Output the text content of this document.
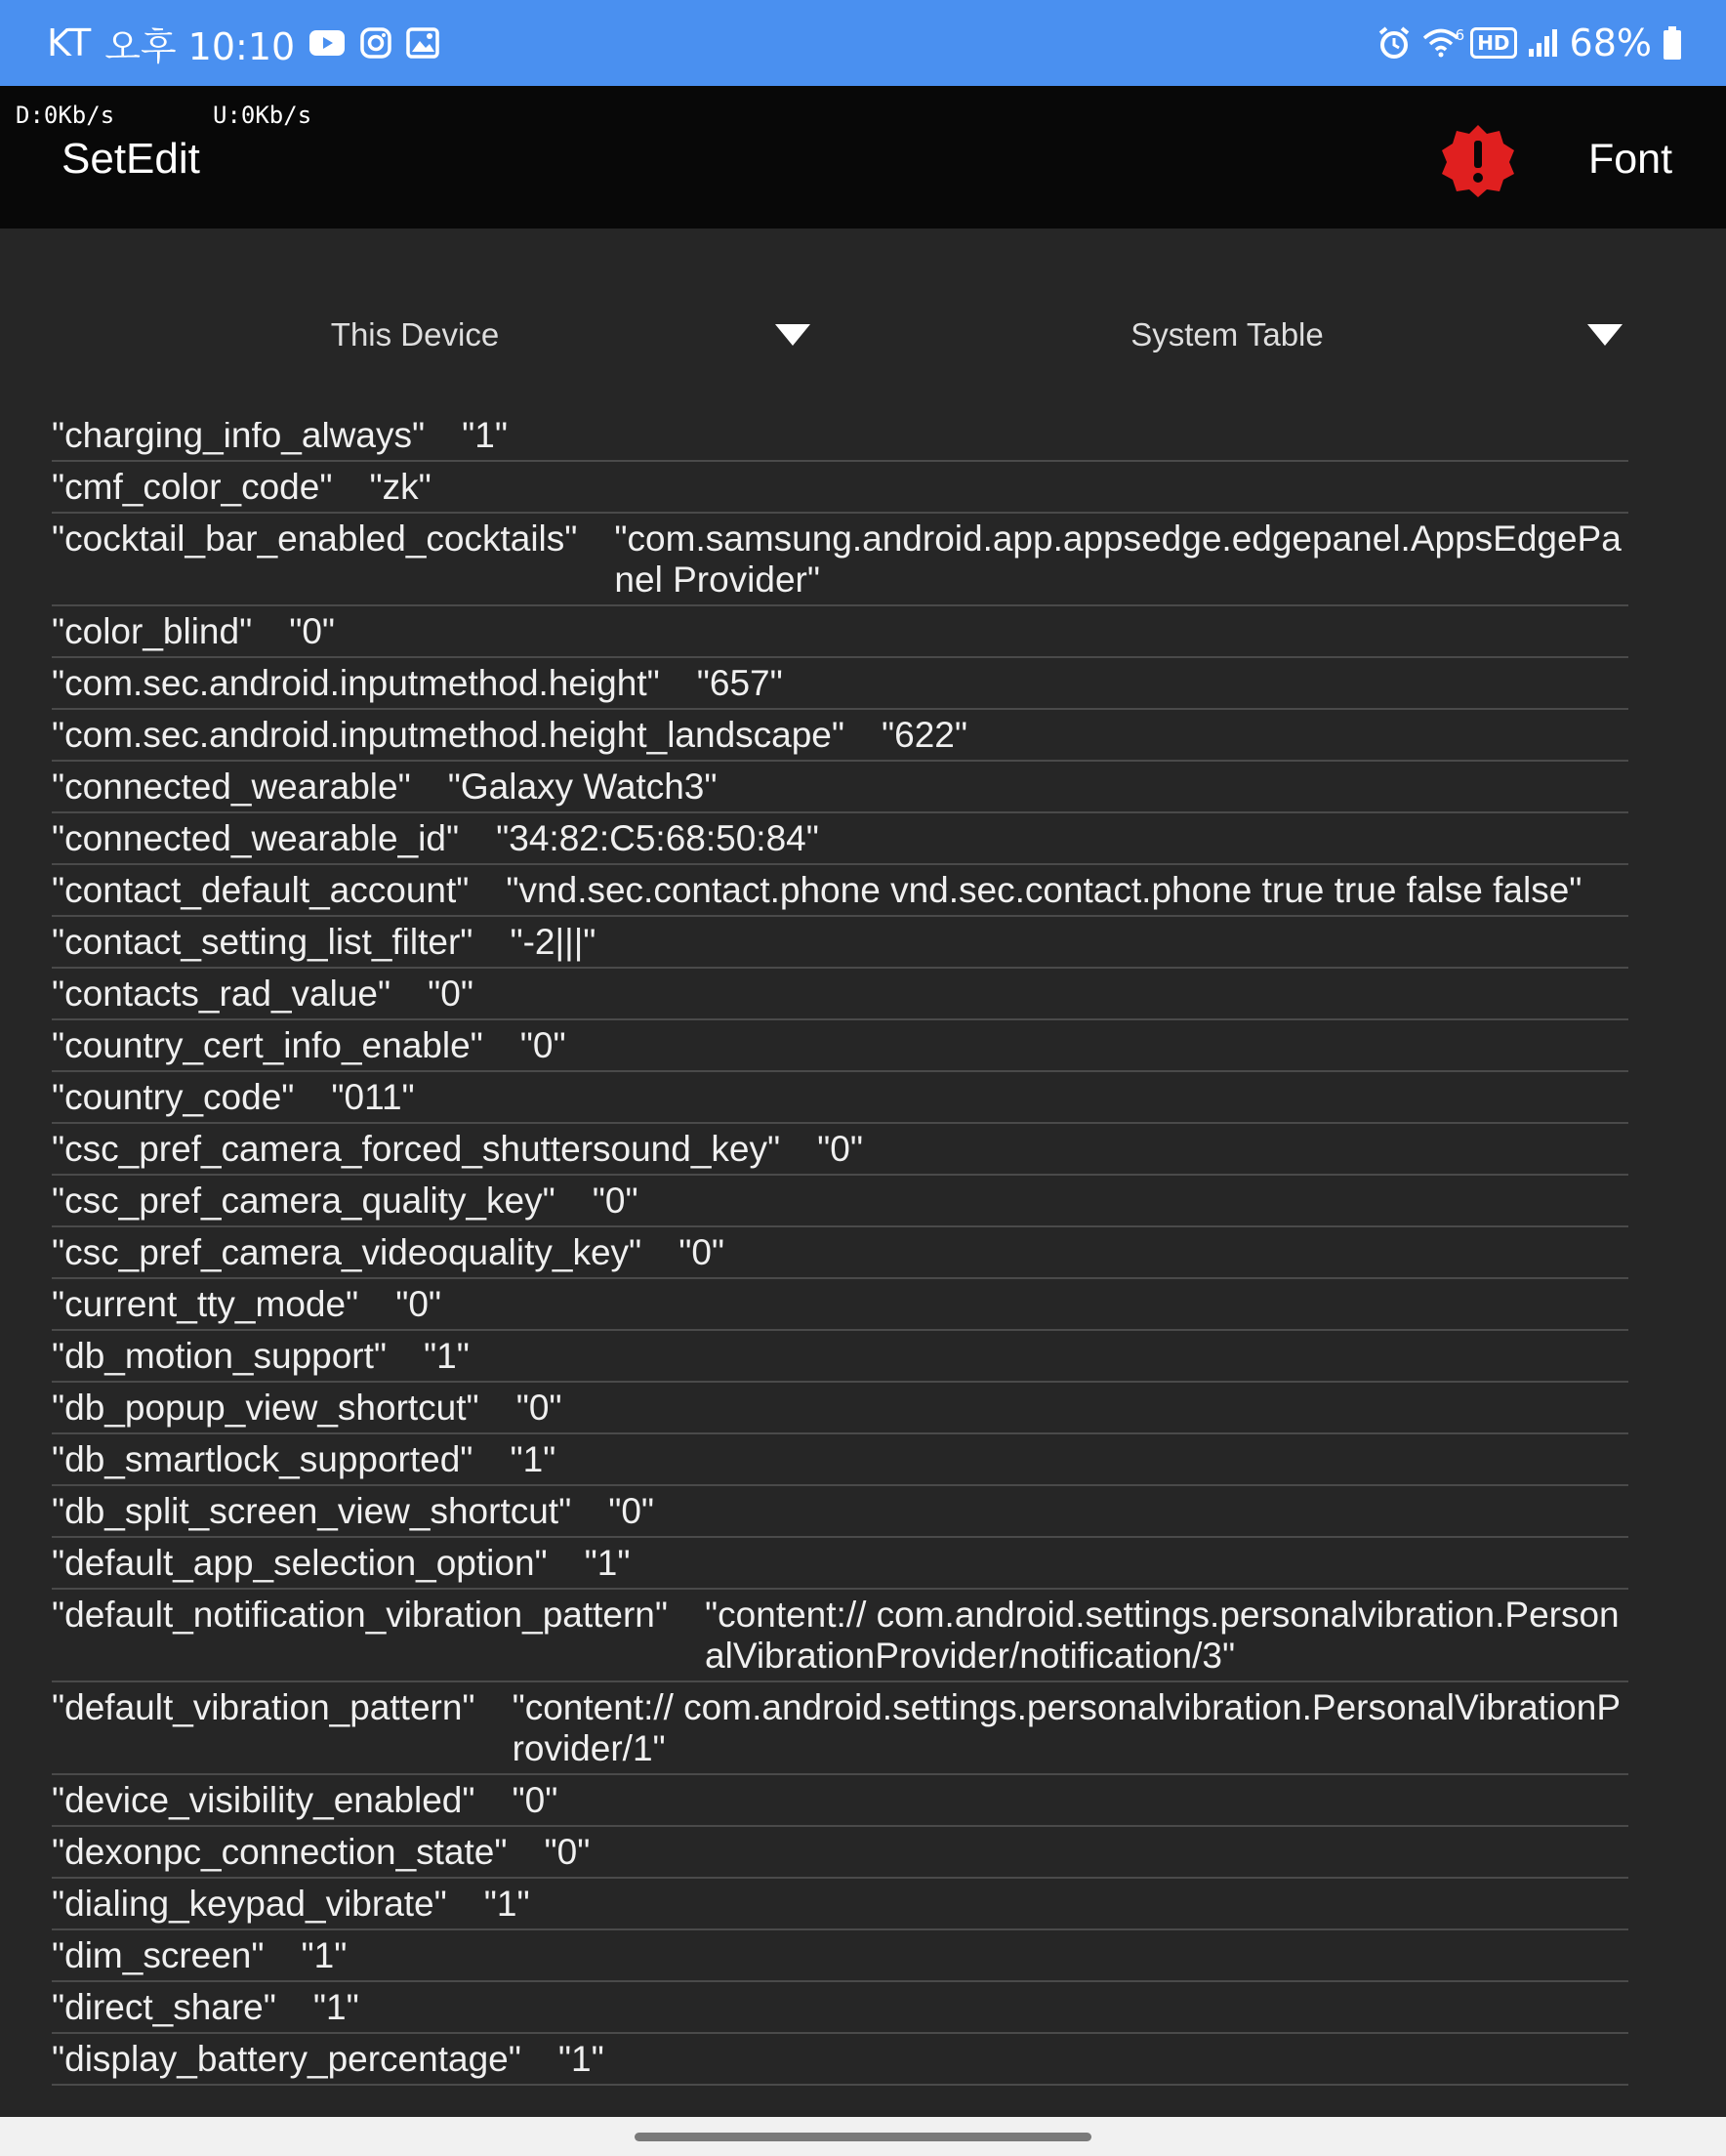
KT 오후 10:10	6 HD 68%
D:0Kb/s	U:0Kb/s
SetEdit	Font
This Device	System Table
"charging_info_always" "1"
"cmf_color_code" "zk"
"cocktail_bar_enabled_cocktails" "com.samsung.android.app.appsedge.edgepanel.AppsEdgePanel Provider"
"color_blind" "0"
"com.sec.android.inputmethod.height" "657"
"com.sec.android.inputmethod.height_landscape" "622"
"connected_wearable" "Galaxy Watch3"
"connected_wearable_id" "34:82:C5:68:50:84"
"contact_default_account" "vnd.sec.contact.phone vnd.sec.contact.phone true true false false"
"contact_setting_list_filter" "-2|||"
"contacts_rad_value" "0"
"country_cert_info_enable" "0"
"country_code" "011"
"csc_pref_camera_forced_shuttersound_key" "0"
"csc_pref_camera_quality_key" "0"
"csc_pref_camera_videoquality_key" "0"
"current_tty_mode" "0"
"db_motion_support" "1"
"db_popup_view_shortcut" "0"
"db_smartlock_supported" "1"
"db_split_screen_view_shortcut" "0"
"default_app_selection_option" "1"
"default_notification_vibration_pattern" "content:// com.android.settings.personalvibration.PersonalVibrationProvider/notification/3"
"default_vibration_pattern" "content:// com.android.settings.personalvibration.PersonalVibrationProvider/1"
"device_visibility_enabled" "0"
"dexonpc_connection_state" "0"
"dialing_keypad_vibrate" "1"
"dim_screen" "1"
"direct_share" "1"
"display_battery_percentage" "1"
